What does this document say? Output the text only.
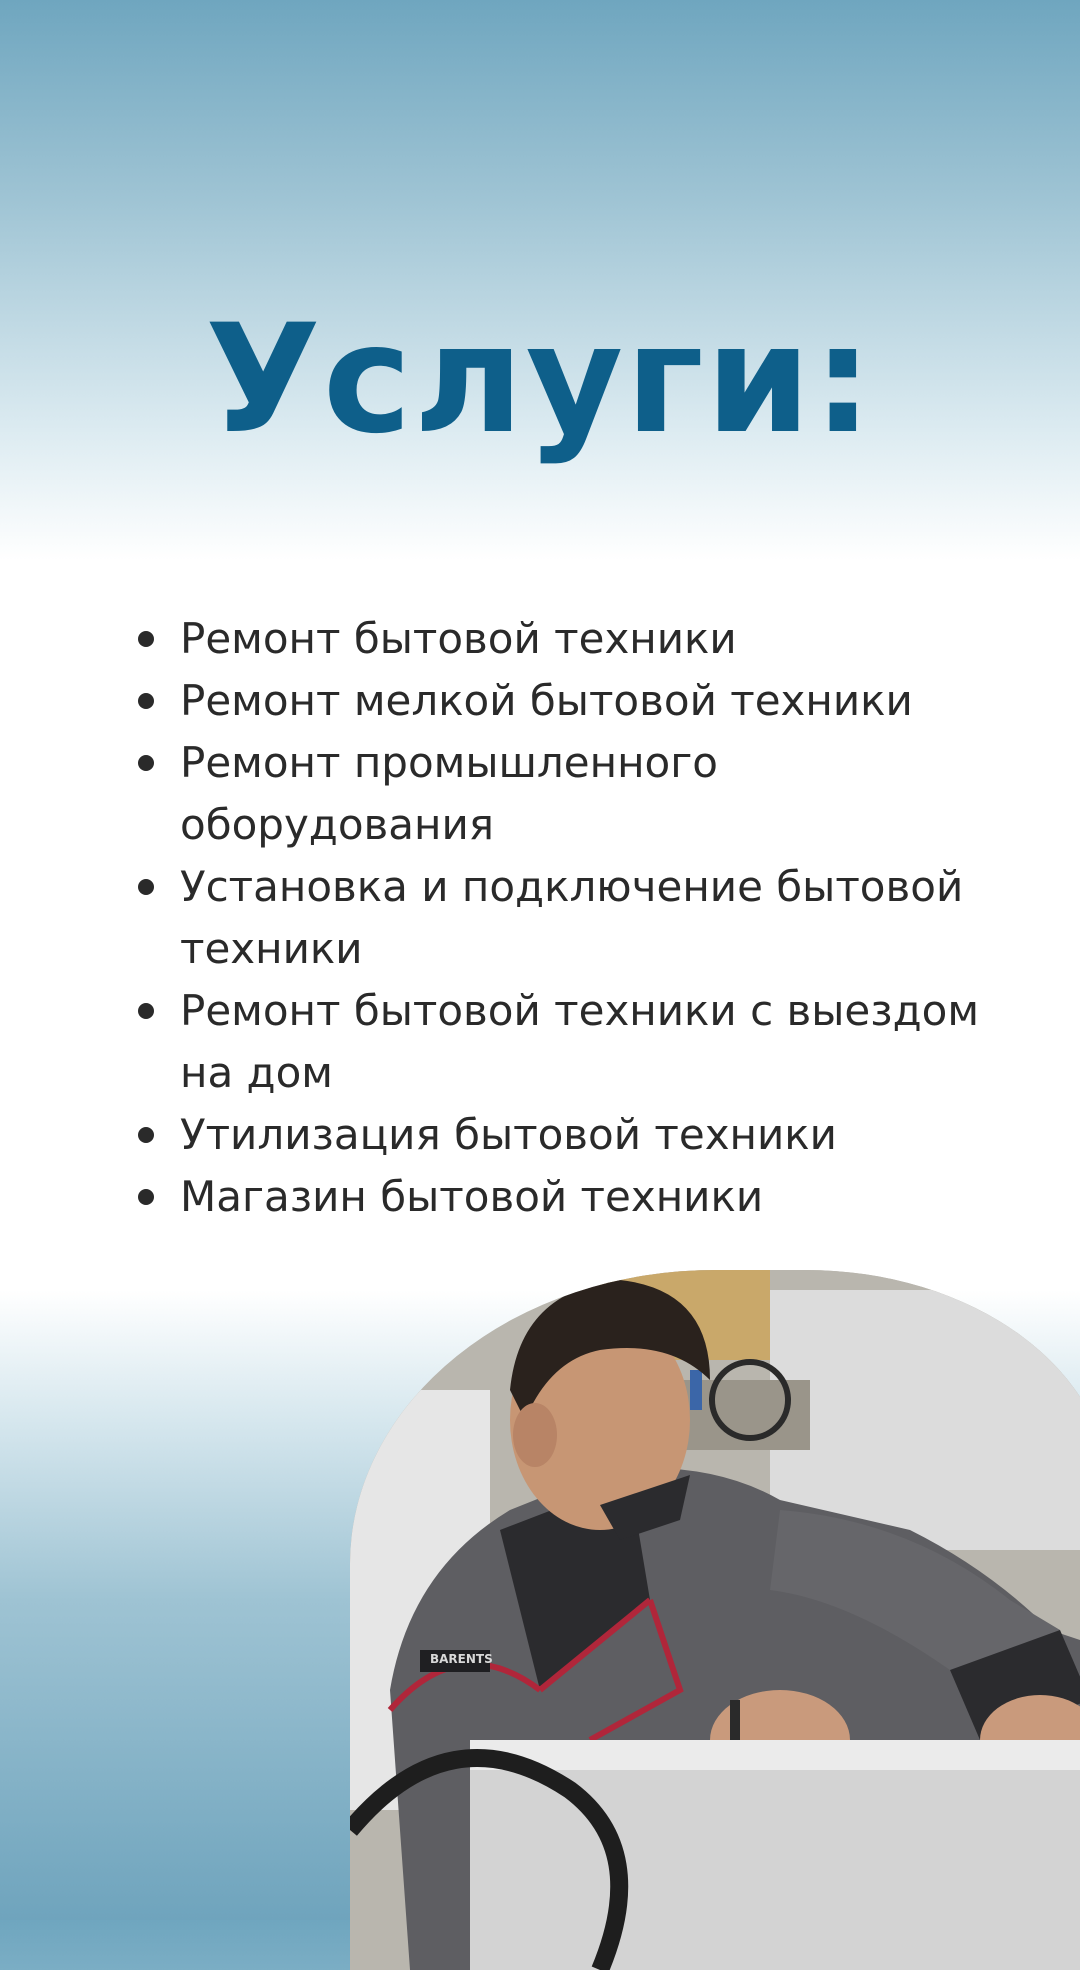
Услуги:
Ремонт бытовой техники
Ремонт мелкой бытовой техники
Ремонт промышленного оборудования
Установка и подключение бытовой техники
Ремонт бытовой техники с выездом на дом
Утилизация бытовой техники
Магазин бытовой техники
BARENTS
